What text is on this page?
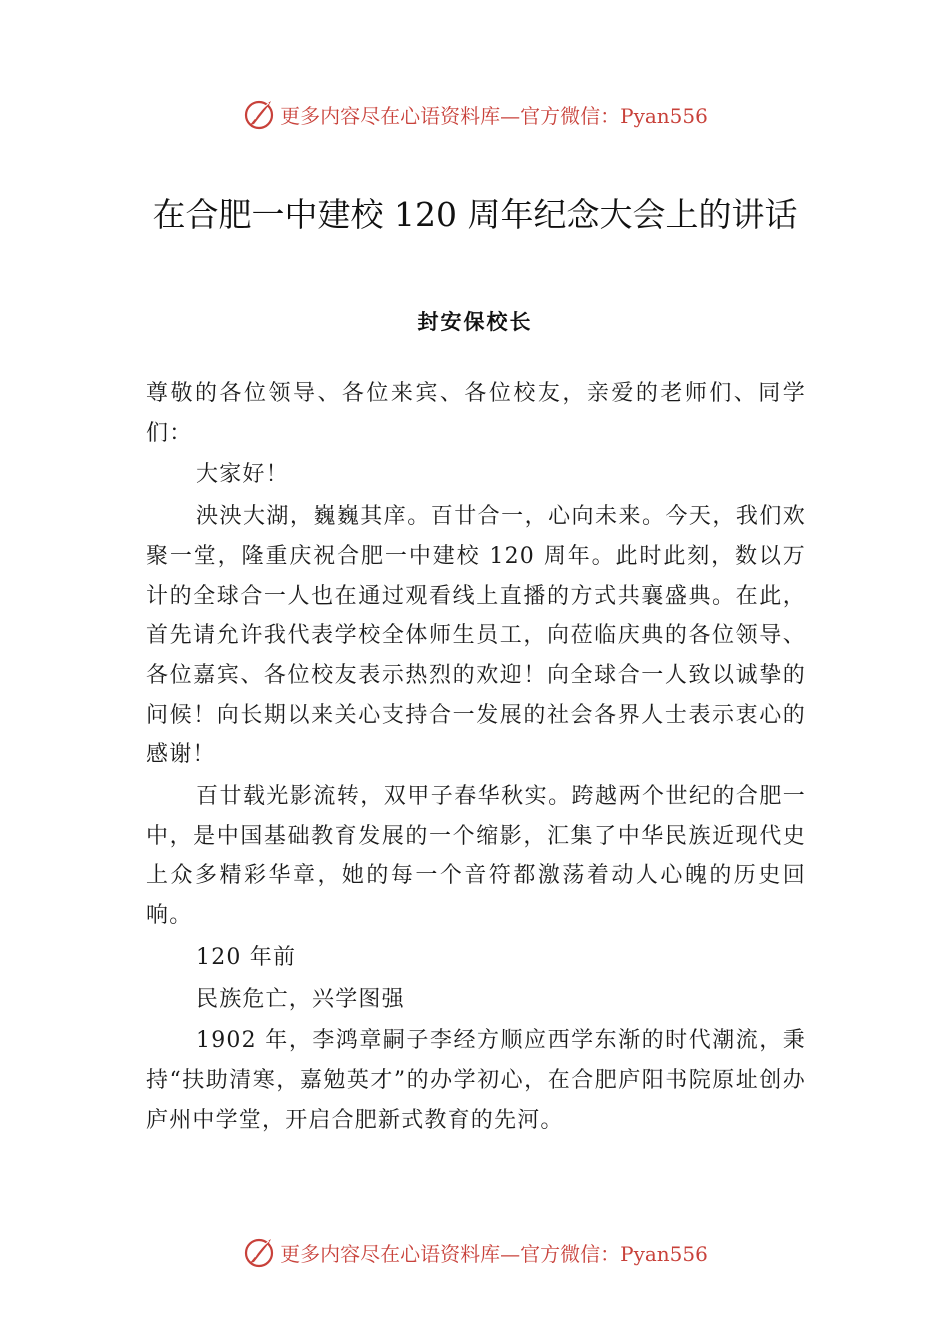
更多内容尽在心语资料库—官方微信：Pyan556
在合肥一中建校 120 周年纪念大会上的讲话
封安保校长

尊敬的各位领导、各位来宾、各位校友，亲爱的老师们、同学们：

大家好！

泱泱大湖，巍巍其庠。百廿合一，心向未来。今天，我们欢聚一堂，隆重庆祝合肥一中建校 120 周年。此时此刻，数以万计的全球合一人也在通过观看线上直播的方式共襄盛典。在此，首先请允许我代表学校全体师生员工，向莅临庆典的各位领导、各位嘉宾、各位校友表示热烈的欢迎！向全球合一人致以诚挚的问候！向长期以来关心支持合一发展的社会各界人士表示衷心的感谢！

百廿载光影流转，双甲子春华秋实。跨越两个世纪的合肥一中，是中国基础教育发展的一个缩影，汇集了中华民族近现代史上众多精彩华章，她的每一个音符都激荡着动人心魄的历史回响。

120 年前

民族危亡，兴学图强

1902 年，李鸿章嗣子李经方顺应西学东渐的时代潮流，秉持“扶助清寒，嘉勉英才”的办学初心，在合肥庐阳书院原址创办庐州中学堂，开启合肥新式教育的先河。

更多内容尽在心语资料库—官方微信：Pyan556
